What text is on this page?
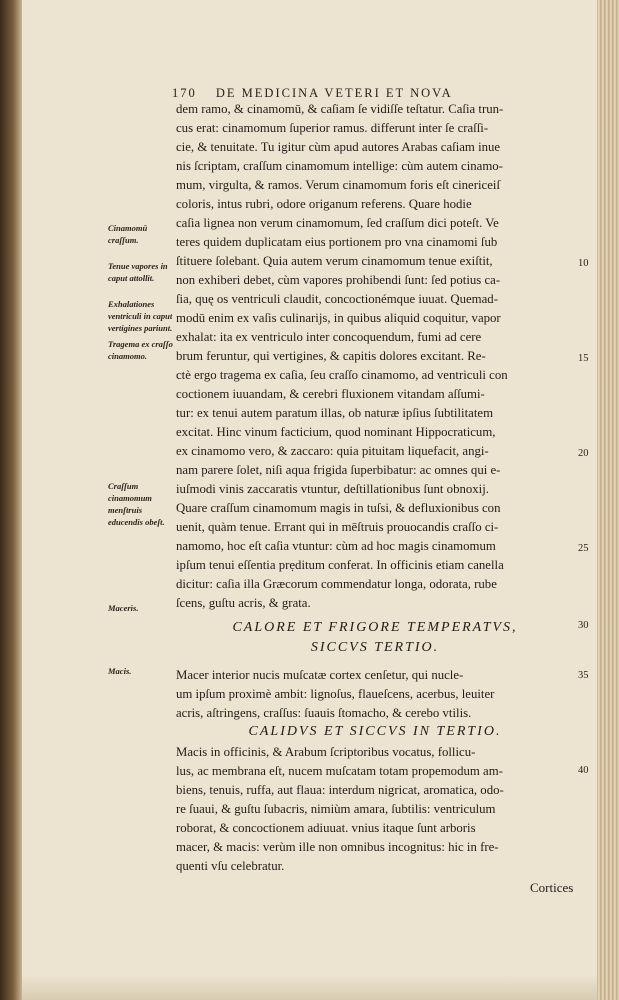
170 DE MEDICINA VETERI ET NOVA
dem ramo, & cinamomū, & caſiam ſe vidiſſe teſtatur. Caſia trun-
cus erat: cinamomum ſuperior ramus. differunt inter ſe craſſi-
cie, & tenuitate. Tu igitur cùm apud autores Arabas caſiam inue
nis ſcriptam, craſſum cinamomum intellige: cùm autem cinamo-
mum, virgulta, & ramos. Verum cinamomum foris eſt cinericeiſ
coloris, intus rubri, odore origanum referens. Quare hodie
caſia lignea non verum cinamomum, ſed craſſum dici poteſt. Ve
teres quidem duplicatam eius portionem pro vna cinamomi ſub
ſtituere ſolebant. Quia autem verum cinamomum tenue exiſtit,
non exhiberi debet, cùm vapores prohibendi ſunt: ſed potius ca-
ſia, quę os ventriculi claudit, concoctionémque iuuat. Quemad-
modū enim ex vaſis culinarijs, in quibus aliquid coquitur, vapor
exhalat: ita ex ventriculo inter concoquendum, fumi ad cere
brum feruntur, qui vertigines, & capitis dolores excitant. Re-
ctè ergo tragema ex caſia, ſeu craſſo cinamomo, ad ventriculi con
coctionem iuuandam, & cerebri fluxionem vitandam aſſumi-
tur: ex tenui autem paratum illas, ob naturæ ipſius ſubtilitatem
excitat. Hinc vinum facticium, quod nominant Hippocraticum,
ex cinamomo vero, & zaccaro: quia pituitam liquefacit, angi-
nam parere ſolet, niſi aqua frigida ſuperbibatur: ac omnes qui e-
iuſmodi vinis zaccaratis vtuntur, deſtillationibus ſunt obnoxij.
Quare craſſum cinamomum magis in tuſsi, & defluxionibus con
uenit, quàm tenue. Errant qui in mēſtruis prouocandis craſſo ci-
namomo, hoc eſt caſia vtuntur: cùm ad hoc magis cinamomum
ipſum tenui eſſentia prẹditum conferat. In officinis etiam canella
dicitur: caſia illa Græcorum commendatur longa, odorata, rube
ſcens, guſtu acris, & grata.
CALORE ET FRIGORE TEMPERATVS,
SICCVS TERTIO.
Macer interior nucis muſcatæ cortex cenſetur, qui nucle-
um ipſum proximè ambit: lignoſus, flaueſcens, acerbus, leuiter
acris, aſtringens, craſſus: ſuauis ſtomacho, & cerebo vtilis.
CALIDVS ET SICCVS IN TERTIO.
Macis in officinis, & Arabum ſcriptoribus vocatus, follicu-
lus, ac membrana eſt, nucem muſcatam totam propemodum am-
biens, tenuis, ruffa, aut flaua: interdum nigricat, aromatica, odo-
re ſuaui, & guſtu ſubacris, nimiùm amara, ſubtilis: ventriculum
roborat, & concoctionem adiuuat. vnius itaque ſunt arboris
macer, & macis: verùm ille non omnibus incognitus: hic in fre-
quenti vſu celebratur.
Cortices
Cinamomū craſſum.
Tenue vapores in caput attollit.
Exhalationes ventriculi in caput vertigines pariunt.
Tragema ex craſſo cinamomo.
Craſſum cinamomum menſtruis educendis obeſt.
Macerìs.
Macis.
10
15
20
25
30
35
40
